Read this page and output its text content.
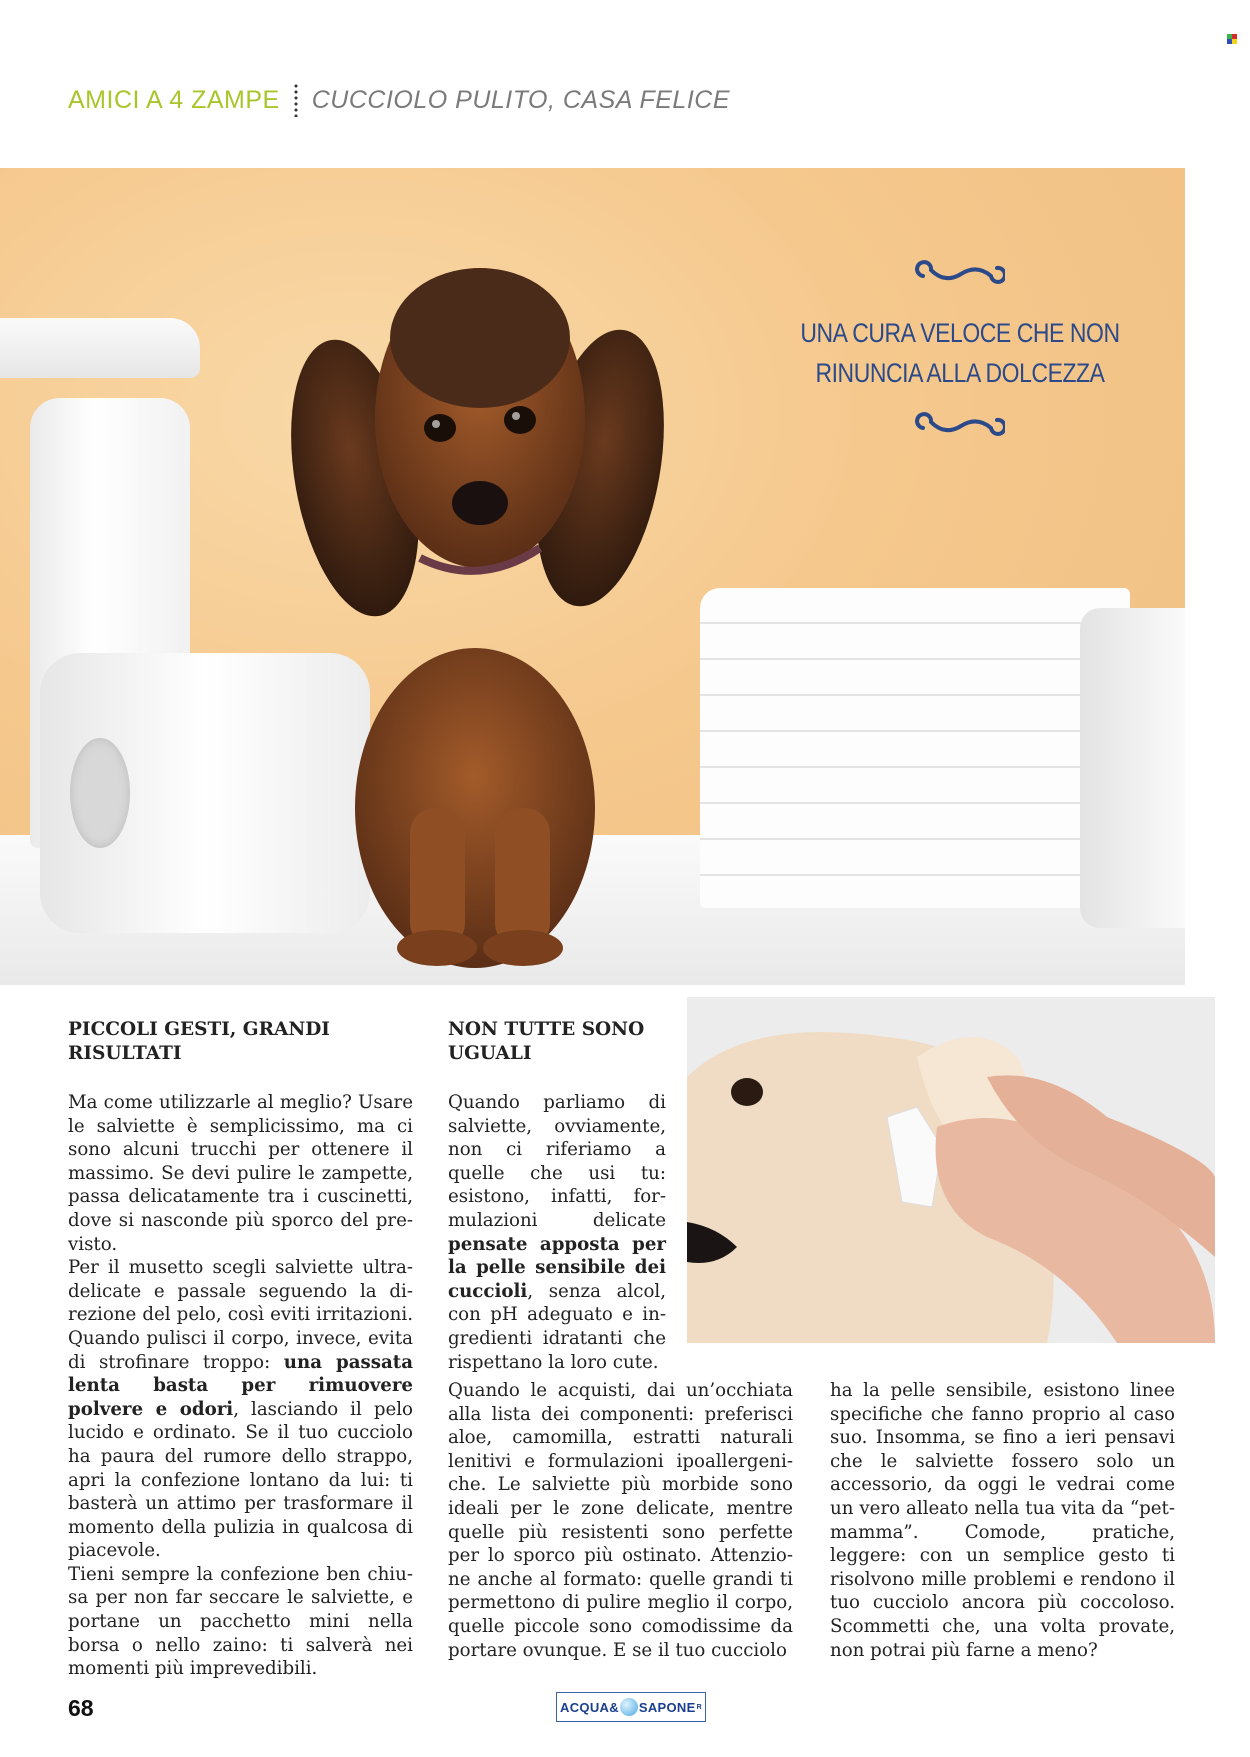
AMICI A 4 ZAMPE CUCCIOLO PULITO, CASA FELICE
UNA CURA VELOCE CHE NON
RINUNCIA ALLA DOLCEZZA
PICCOLI GESTI, GRANDI RISULTATI

Ma come utilizzarle al meglio? Usare le salviette è semplicissimo, ma ci sono alcuni trucchi per ottenere il massimo. Se devi pulire le zampette, passa delicatamente tra i cuscinetti, dove si nasconde più sporco del previsto.

Per il musetto scegli salviette ultra-delicate e passale seguendo la direzione del pelo, così eviti irritazioni. Quando pulisci il corpo, invece, evita di strofinare troppo: una passata lenta basta per rimuovere polvere e odori, lasciando il pelo lucido e ordinato. Se il tuo cucciolo ha paura del rumore dello strappo, apri la confezione lontano da lui: ti basterà un attimo per trasformare il momento della pulizia in qualcosa di piacevole.

Tieni sempre la confezione ben chiusa per non far seccare le salviette, e portane un pacchetto mini nella borsa o nello zaino: ti salverà nei momenti più imprevedibili.

NON TUTTE SONO UGUALI

Quando parliamo di salviette, ovviamente, non ci riferiamo a quelle che usi tu: esistono, infatti, formulazioni delicate pensate apposta per la pelle sensibile dei cuccioli, senza alcol, con pH adeguato e ingredienti idratanti che rispettano la loro cute.

Quando le acquisti, dai un’occhiata alla lista dei componenti: preferisci aloe, camomilla, estratti naturali lenitivi e formulazioni ipoallergeniche. Le salviette più morbide sono ideali per le zone delicate, mentre quelle più resistenti sono perfette per lo sporco più ostinato. Attenzione anche al formato: quelle grandi ti permettono di pulire meglio il corpo, quelle piccole sono comodissime da portare ovunque. E se il tuo cucciolo

ha la pelle sensibile, esistono linee specifiche che fanno proprio al caso suo. Insomma, se fino a ieri pensavi che le salviette fossero solo un accessorio, da oggi le vedrai come un vero alleato nella tua vita da “pet-mamma”. Comode, pratiche, leggere: con un semplice gesto ti risolvono mille problemi e rendono il tuo cucciolo ancora più coccoloso. Scommetti che, una volta provate, non potrai più farne a meno?

68	ACQUA& SAPONE R
